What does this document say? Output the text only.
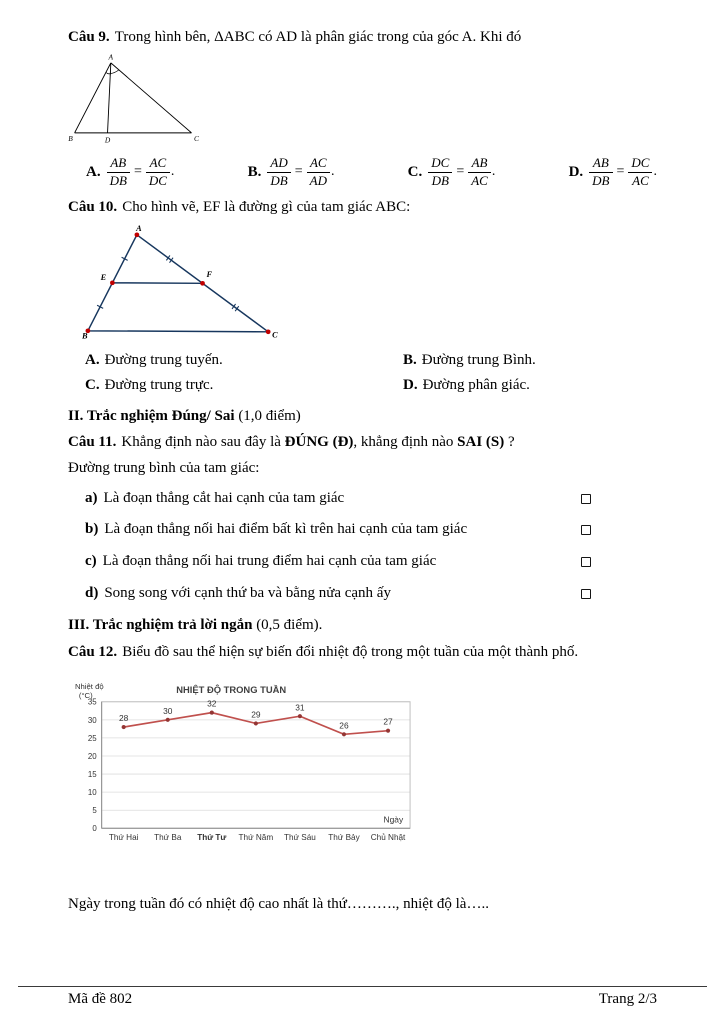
Câu 9. Trong hình bên, ΔABC có AD là phân giác trong của góc A. Khi đó

A
B	C
D
A. $\frac{AB}{DB} = \frac{AC}{DC}$ .	B. $\frac{AD}{DB} = \frac{AC}{AD}$ .	C. $\frac{DC}{DB} = \frac{AB}{AC}$ .	D. $\frac{AB}{DB} = \frac{DC}{AC}$ .

Câu 10. Cho hình vẽ, EF là đường gì của tam giác ABC:

A
B	C
E	F
A. Đường trung tuyến.	B. Đường trung Bình.
C. Đường trung trực.	D. Đường phân giác.

II. Trắc nghiệm Đúng/ Sai (1,0 điểm)

Câu 11. Khẳng định nào sau đây là ĐÚNG (Đ), khẳng định nào SAI (S) ?

Đường trung bình của tam giác:

a) Là đoạn thẳng cắt hai cạnh của tam giác
b) Là đoạn thẳng nối hai điểm bất kì trên hai cạnh của tam giác
c) Là đoạn thẳng nối hai trung điểm hai cạnh của tam giác
d) Song song với cạnh thứ ba và bằng nửa cạnh ấy

III. Trắc nghiệm trả lời ngắn (0,5 điểm).

Câu 12. Biểu đồ sau thể hiện sự biến đổi nhiệt độ trong một tuần của một thành phố.

0
5
10
15
20
25
30
35
NHIỆT ĐỘ TRONG TUẦN
Nhiệt độ
(°C)
Ngày
28
Thứ Hai
30
Thứ Ba
32
Thứ Tư
29
Thứ Năm
31
Thứ Sáu
26
Thứ Bảy
27
Chủ Nhật

Ngày trong tuần đó có nhiệt độ cao nhất là thứ………., nhiệt độ là…..

Mã đề 802	Trang 2/3
